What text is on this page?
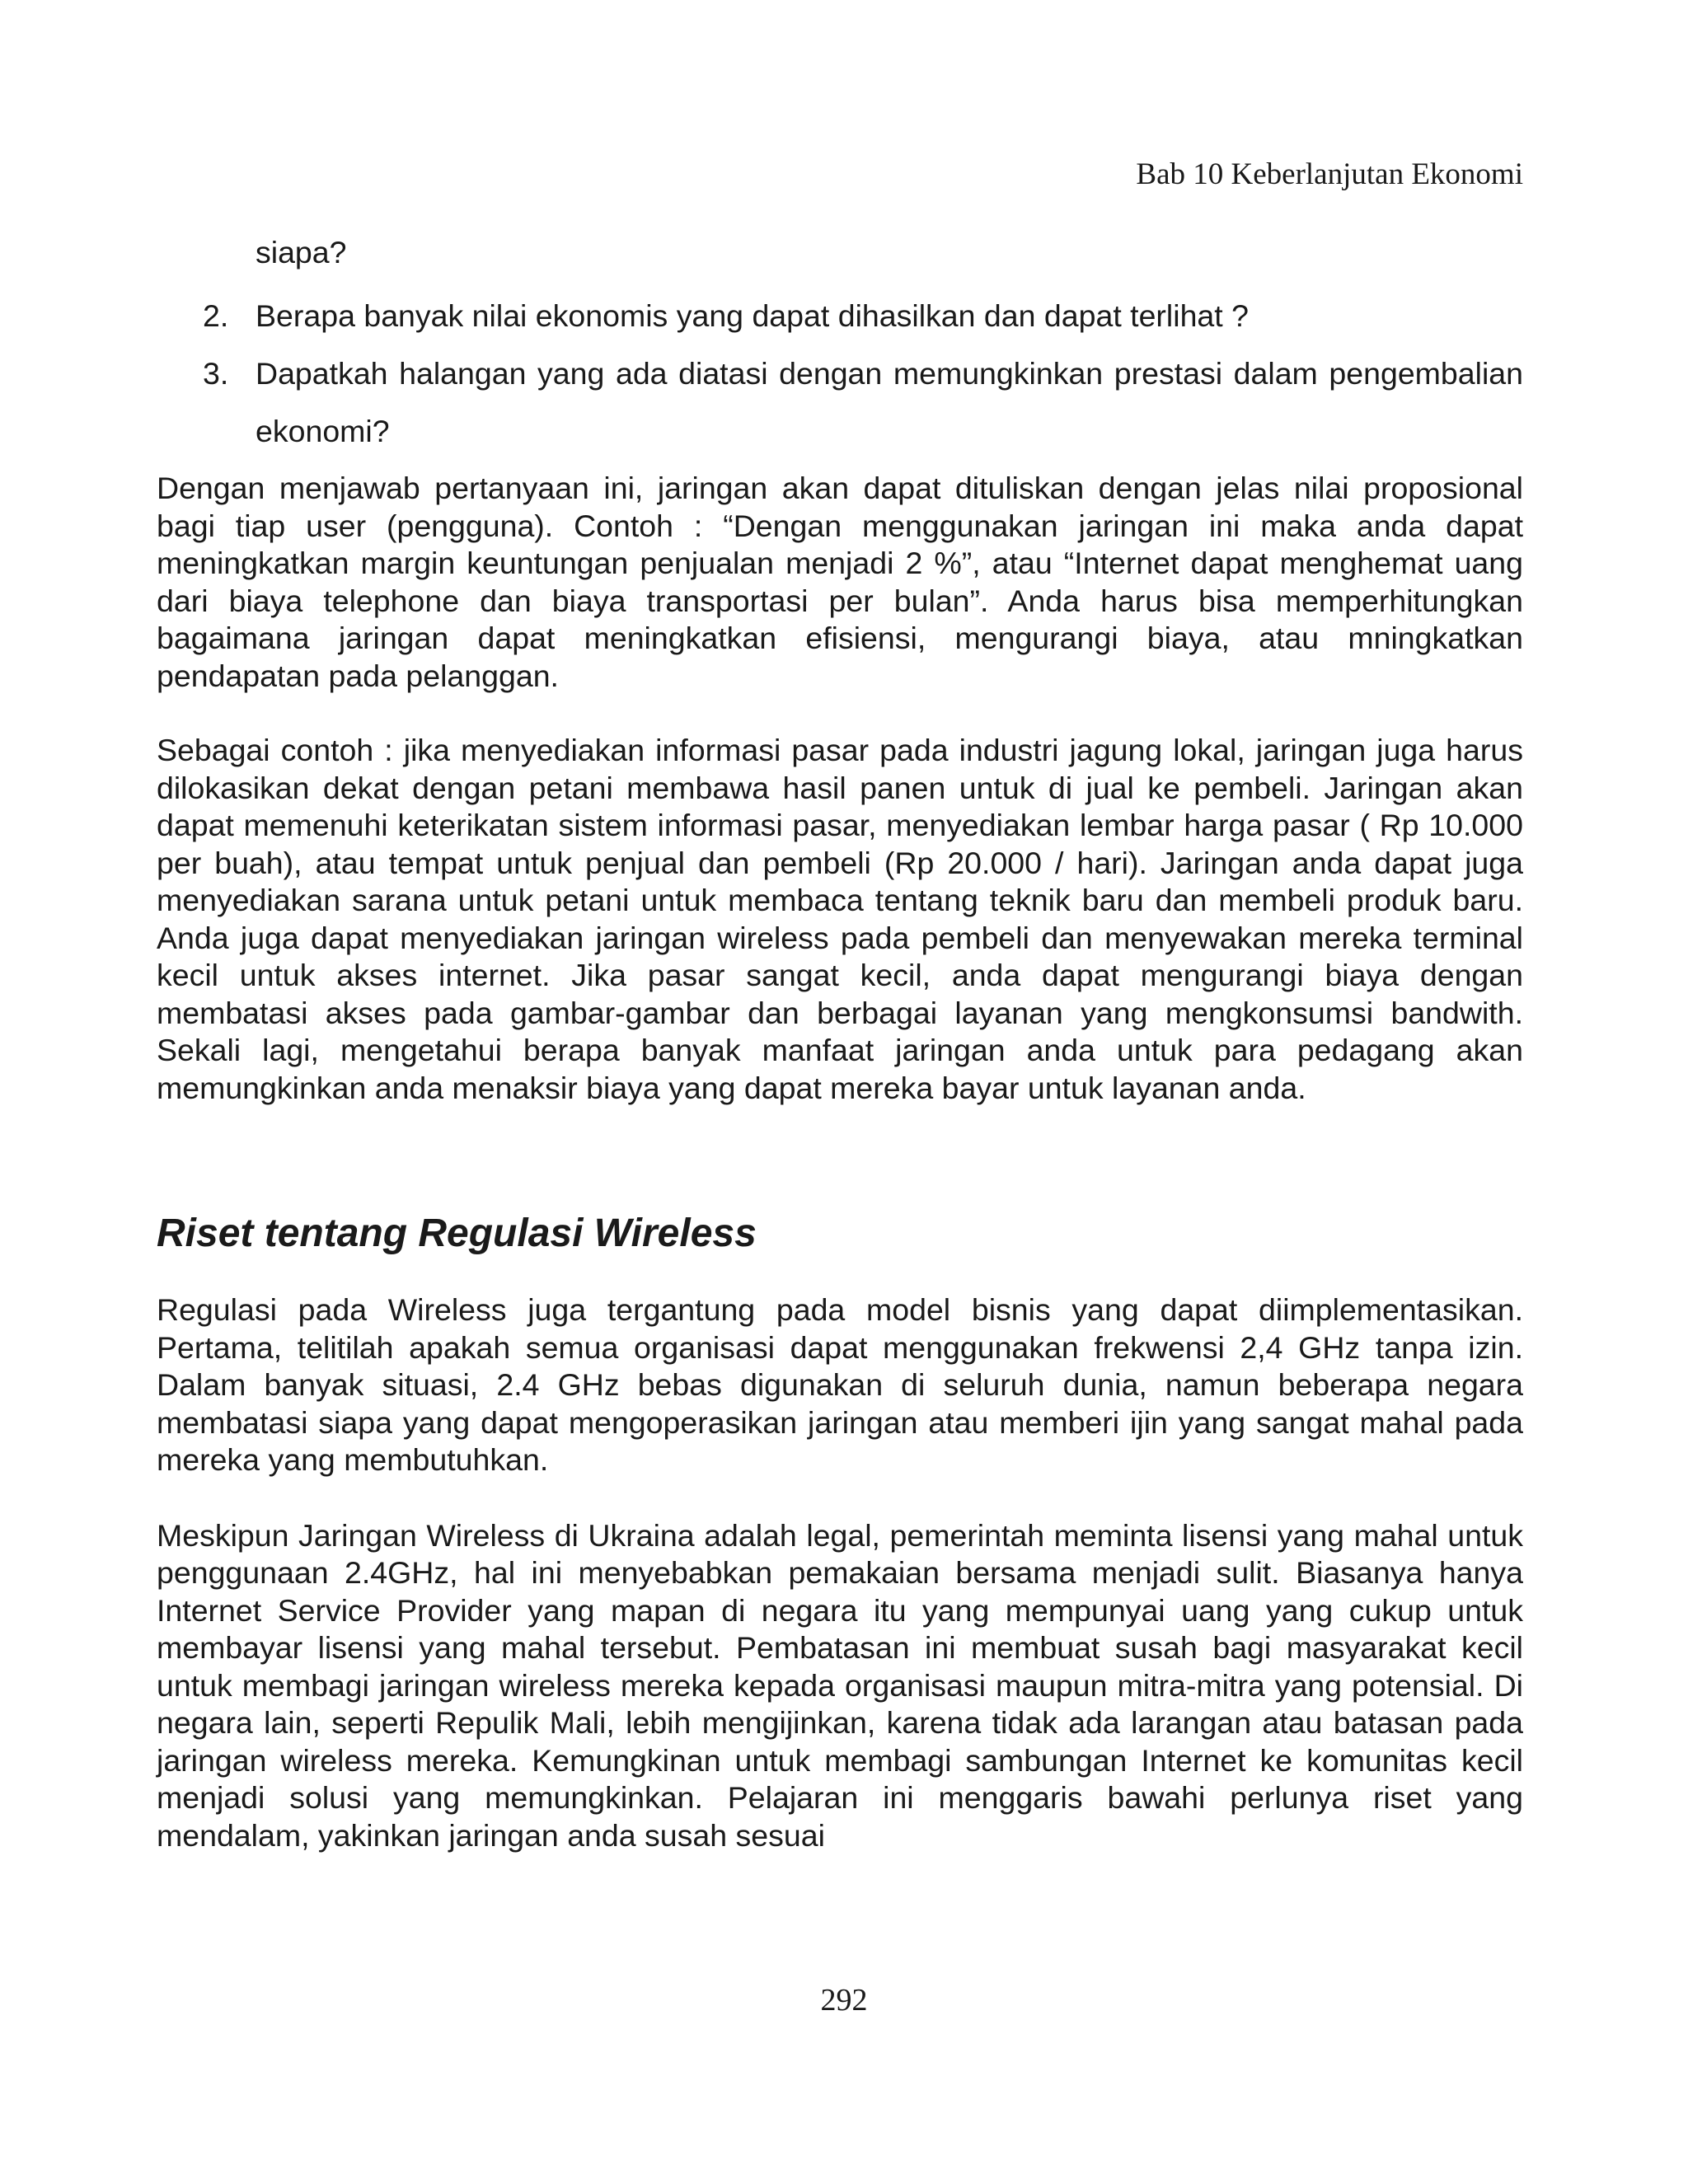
Bab 10 Keberlanjutan Ekonomi

siapa?

2. Berapa banyak nilai ekonomis yang dapat dihasilkan dan dapat terlihat ?
3. Dapatkah halangan yang ada diatasi dengan memungkinkan prestasi dalam pengembalian ekonomi?

Dengan menjawab pertanyaan ini, jaringan akan dapat dituliskan dengan jelas nilai proposional bagi tiap user (pengguna). Contoh : “Dengan menggunakan jaringan ini maka anda dapat meningkatkan margin keuntungan penjualan menjadi 2 %”, atau “Internet dapat menghemat uang dari biaya telephone dan biaya transportasi per bulan”. Anda harus bisa memperhitungkan bagaimana jaringan dapat meningkatkan efisiensi, mengurangi biaya, atau mningkatkan pendapatan pada pelanggan.

Sebagai contoh : jika menyediakan informasi pasar pada industri jagung lokal, jaringan juga harus dilokasikan dekat dengan petani membawa hasil panen untuk di jual ke pembeli. Jaringan akan dapat memenuhi keterikatan sistem informasi pasar, menyediakan lembar harga pasar ( Rp 10.000 per buah), atau tempat untuk penjual dan pembeli (Rp 20.000 / hari). Jaringan anda dapat juga menyediakan sarana untuk petani untuk membaca tentang teknik baru dan membeli produk baru. Anda juga dapat menyediakan jaringan wireless pada pembeli dan menyewakan mereka terminal kecil untuk akses internet. Jika pasar sangat kecil, anda dapat mengurangi biaya dengan membatasi akses pada gambar-gambar dan berbagai layanan yang mengkonsumsi bandwith. Sekali lagi, mengetahui berapa banyak manfaat jaringan anda untuk para pedagang akan memungkinkan anda menaksir biaya yang dapat mereka bayar untuk layanan anda.

Riset tentang Regulasi Wireless

Regulasi pada Wireless juga tergantung pada model bisnis yang dapat diimplementasikan. Pertama, telitilah apakah semua organisasi dapat menggunakan frekwensi 2,4 GHz tanpa izin. Dalam banyak situasi, 2.4 GHz bebas digunakan di seluruh dunia, namun beberapa negara membatasi siapa yang dapat mengoperasikan jaringan atau memberi ijin yang sangat mahal pada mereka yang membutuhkan.

Meskipun Jaringan Wireless di Ukraina adalah legal, pemerintah meminta lisensi yang mahal untuk penggunaan 2.4GHz, hal ini menyebabkan pemakaian bersama menjadi sulit. Biasanya hanya Internet Service Provider yang mapan di negara itu yang mempunyai uang yang cukup untuk membayar lisensi yang mahal tersebut. Pembatasan ini membuat susah bagi masyarakat kecil untuk membagi jaringan wireless mereka kepada organisasi maupun mitra-mitra yang potensial. Di negara lain, seperti Repulik Mali, lebih mengijinkan, karena tidak ada larangan atau batasan pada jaringan wireless mereka. Kemungkinan untuk membagi sambungan Internet ke komunitas kecil menjadi solusi yang memungkinkan. Pelajaran ini menggaris bawahi perlunya riset yang mendalam, yakinkan jaringan anda susah sesuai

292
